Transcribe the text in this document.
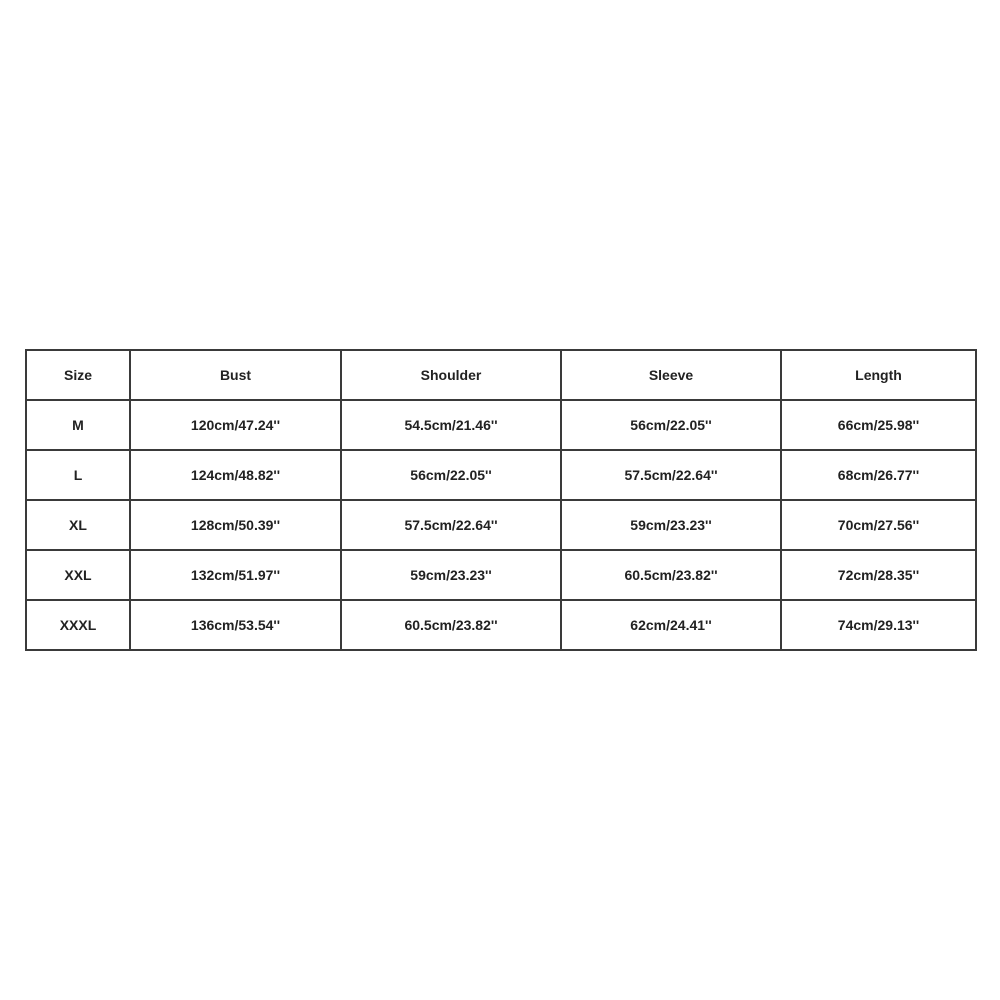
Size	Bust	Shoulder	Sleeve	Length
M	120cm/47.24''	54.5cm/21.46''	56cm/22.05''	66cm/25.98''
L	124cm/48.82''	56cm/22.05''	57.5cm/22.64''	68cm/26.77''
XL	128cm/50.39''	57.5cm/22.64''	59cm/23.23''	70cm/27.56''
XXL	132cm/51.97''	59cm/23.23''	60.5cm/23.82''	72cm/28.35''
XXXL	136cm/53.54''	60.5cm/23.82''	62cm/24.41''	74cm/29.13''
